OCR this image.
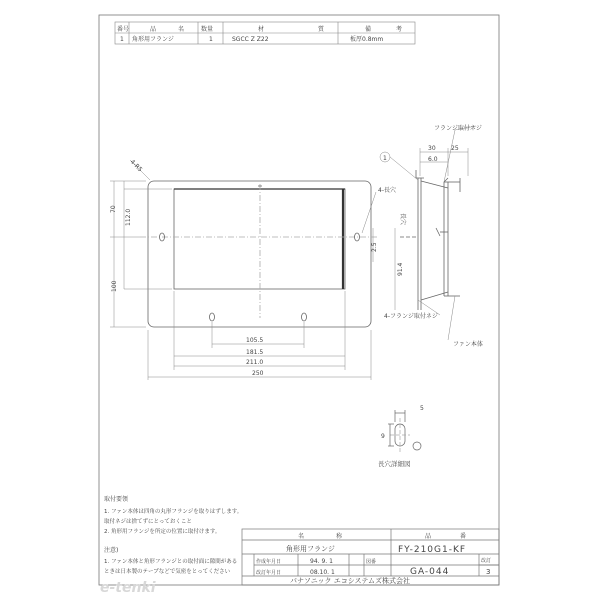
番号	品	名	数量	材	質	備	考
1 角形用フランジ	1	SGCC Z Z22	板厚0.8mm
4-R5
70 112.0
100
105.5
181.5
211.0
250
フランジ取付ネジ
30	25
6.0
1
4-長穴
長穴
2.5
91.4
4-フランジ取付ネジ
ファン本体
5
9
長穴詳細図
取付要領
1. ファン本体は四角の丸形フランジを取りはずします。
取付ネジは捨てずにとっておくこと
2. 角形用フランジを所定の位置に取付けます。
注意)
1. ファン本体と角形フランジとの取付面に隙間がある
ときは日本製のテープなどで気密をとってください
名	称	品	番
角形用フランジ	FY-210G1-KF
作成年月日	94. 9. 1
改訂年月日	08.10. 1
図番
GA-044
改訂
3
パナソニック エコシステムズ株式会社
e-tenki
